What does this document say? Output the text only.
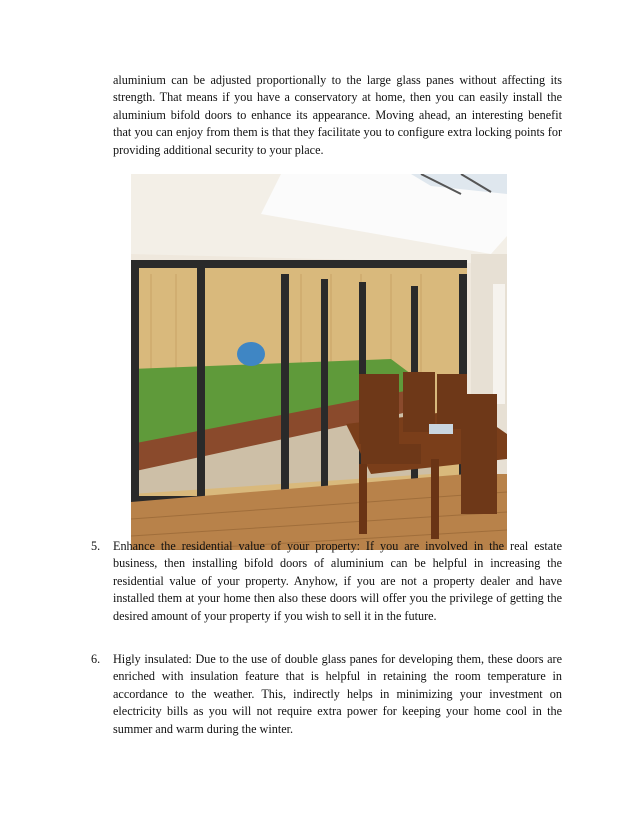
aluminium can be adjusted proportionally to the large glass panes without affecting its strength. That means if you have a conservatory at home, then you can easily install the aluminium bifold doors to enhance its appearance. Moving ahead, an interesting benefit that you can enjoy from them is that they facilitate you to configure extra locking points for providing additional security to your place.

5.	Enhance the residential value of your property: If you are involved in the real estate business, then installing bifold doors of aluminium can be helpful in increasing the residential value of your property. Anyhow, if you are not a property dealer and have installed them at your home then also these doors will offer you the privilege of getting the desired amount of your property if you wish to sell it in the future.
6.	Higly insulated: Due to the use of double glass panes for developing them, these doors are enriched with insulation feature that is helpful in retaining the room temperature in accordance to the weather. This, indirectly helps in minimizing your investment on electricity bills as you will not require extra power for keeping your home cool in the summer and warm during the winter.
